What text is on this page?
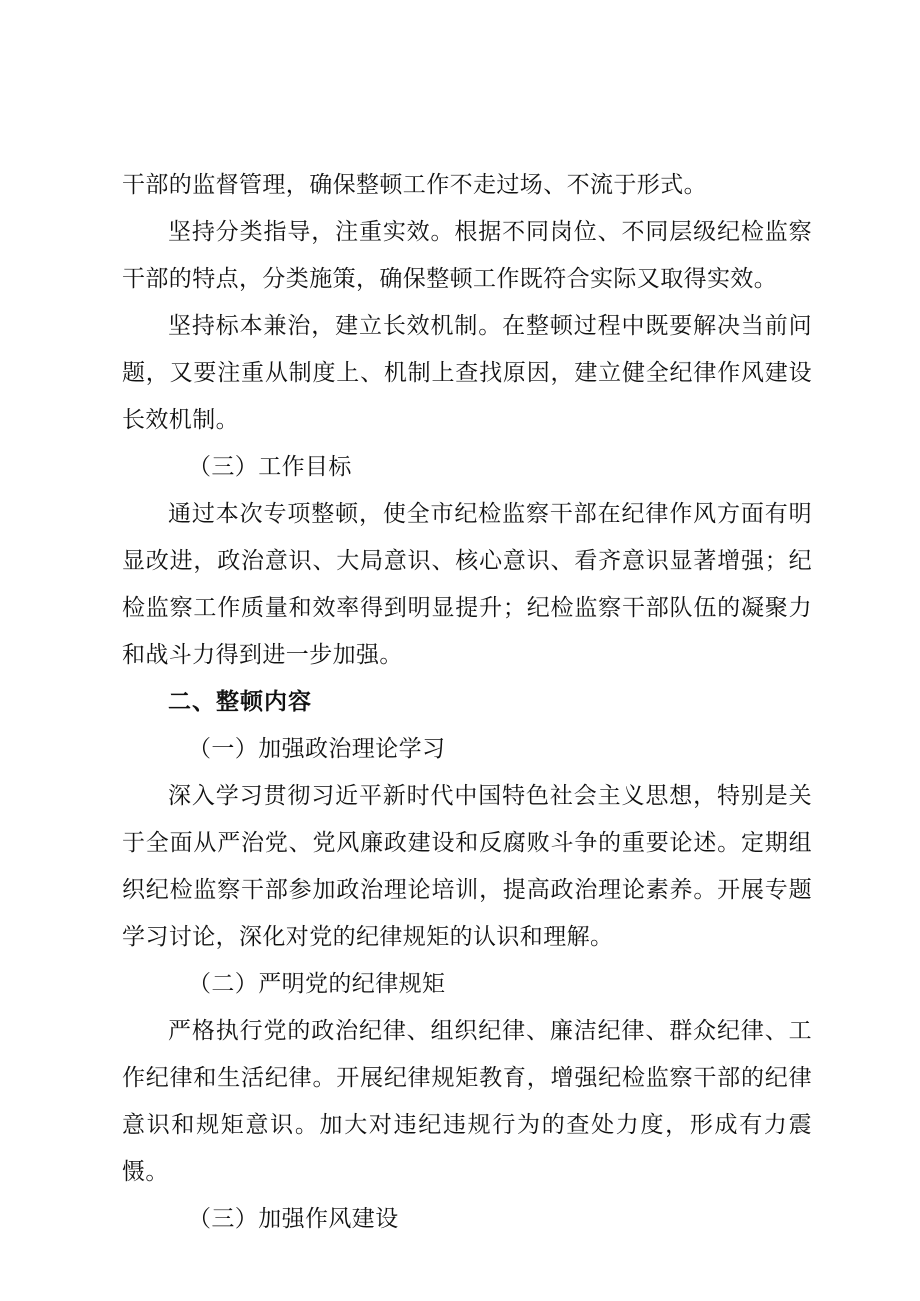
干部的监督管理，确保整顿工作不走过场、不流于形式。

坚持分类指导，注重实效。根据不同岗位、不同层级纪检监察干部的特点，分类施策，确保整顿工作既符合实际又取得实效。

坚持标本兼治，建立长效机制。在整顿过程中既要解决当前问题，又要注重从制度上、机制上查找原因，建立健全纪律作风建设长效机制。

（三）工作目标

通过本次专项整顿，使全市纪检监察干部在纪律作风方面有明显改进，政治意识、大局意识、核心意识、看齐意识显著增强；纪检监察工作质量和效率得到明显提升；纪检监察干部队伍的凝聚力和战斗力得到进一步加强。

二、整顿内容

（一）加强政治理论学习

深入学习贯彻习近平新时代中国特色社会主义思想，特别是关于全面从严治党、党风廉政建设和反腐败斗争的重要论述。定期组织纪检监察干部参加政治理论培训，提高政治理论素养。开展专题学习讨论，深化对党的纪律规矩的认识和理解。

（二）严明党的纪律规矩

严格执行党的政治纪律、组织纪律、廉洁纪律、群众纪律、工作纪律和生活纪律。开展纪律规矩教育，增强纪检监察干部的纪律意识和规矩意识。加大对违纪违规行为的查处力度，形成有力震慑。

（三）加强作风建设
